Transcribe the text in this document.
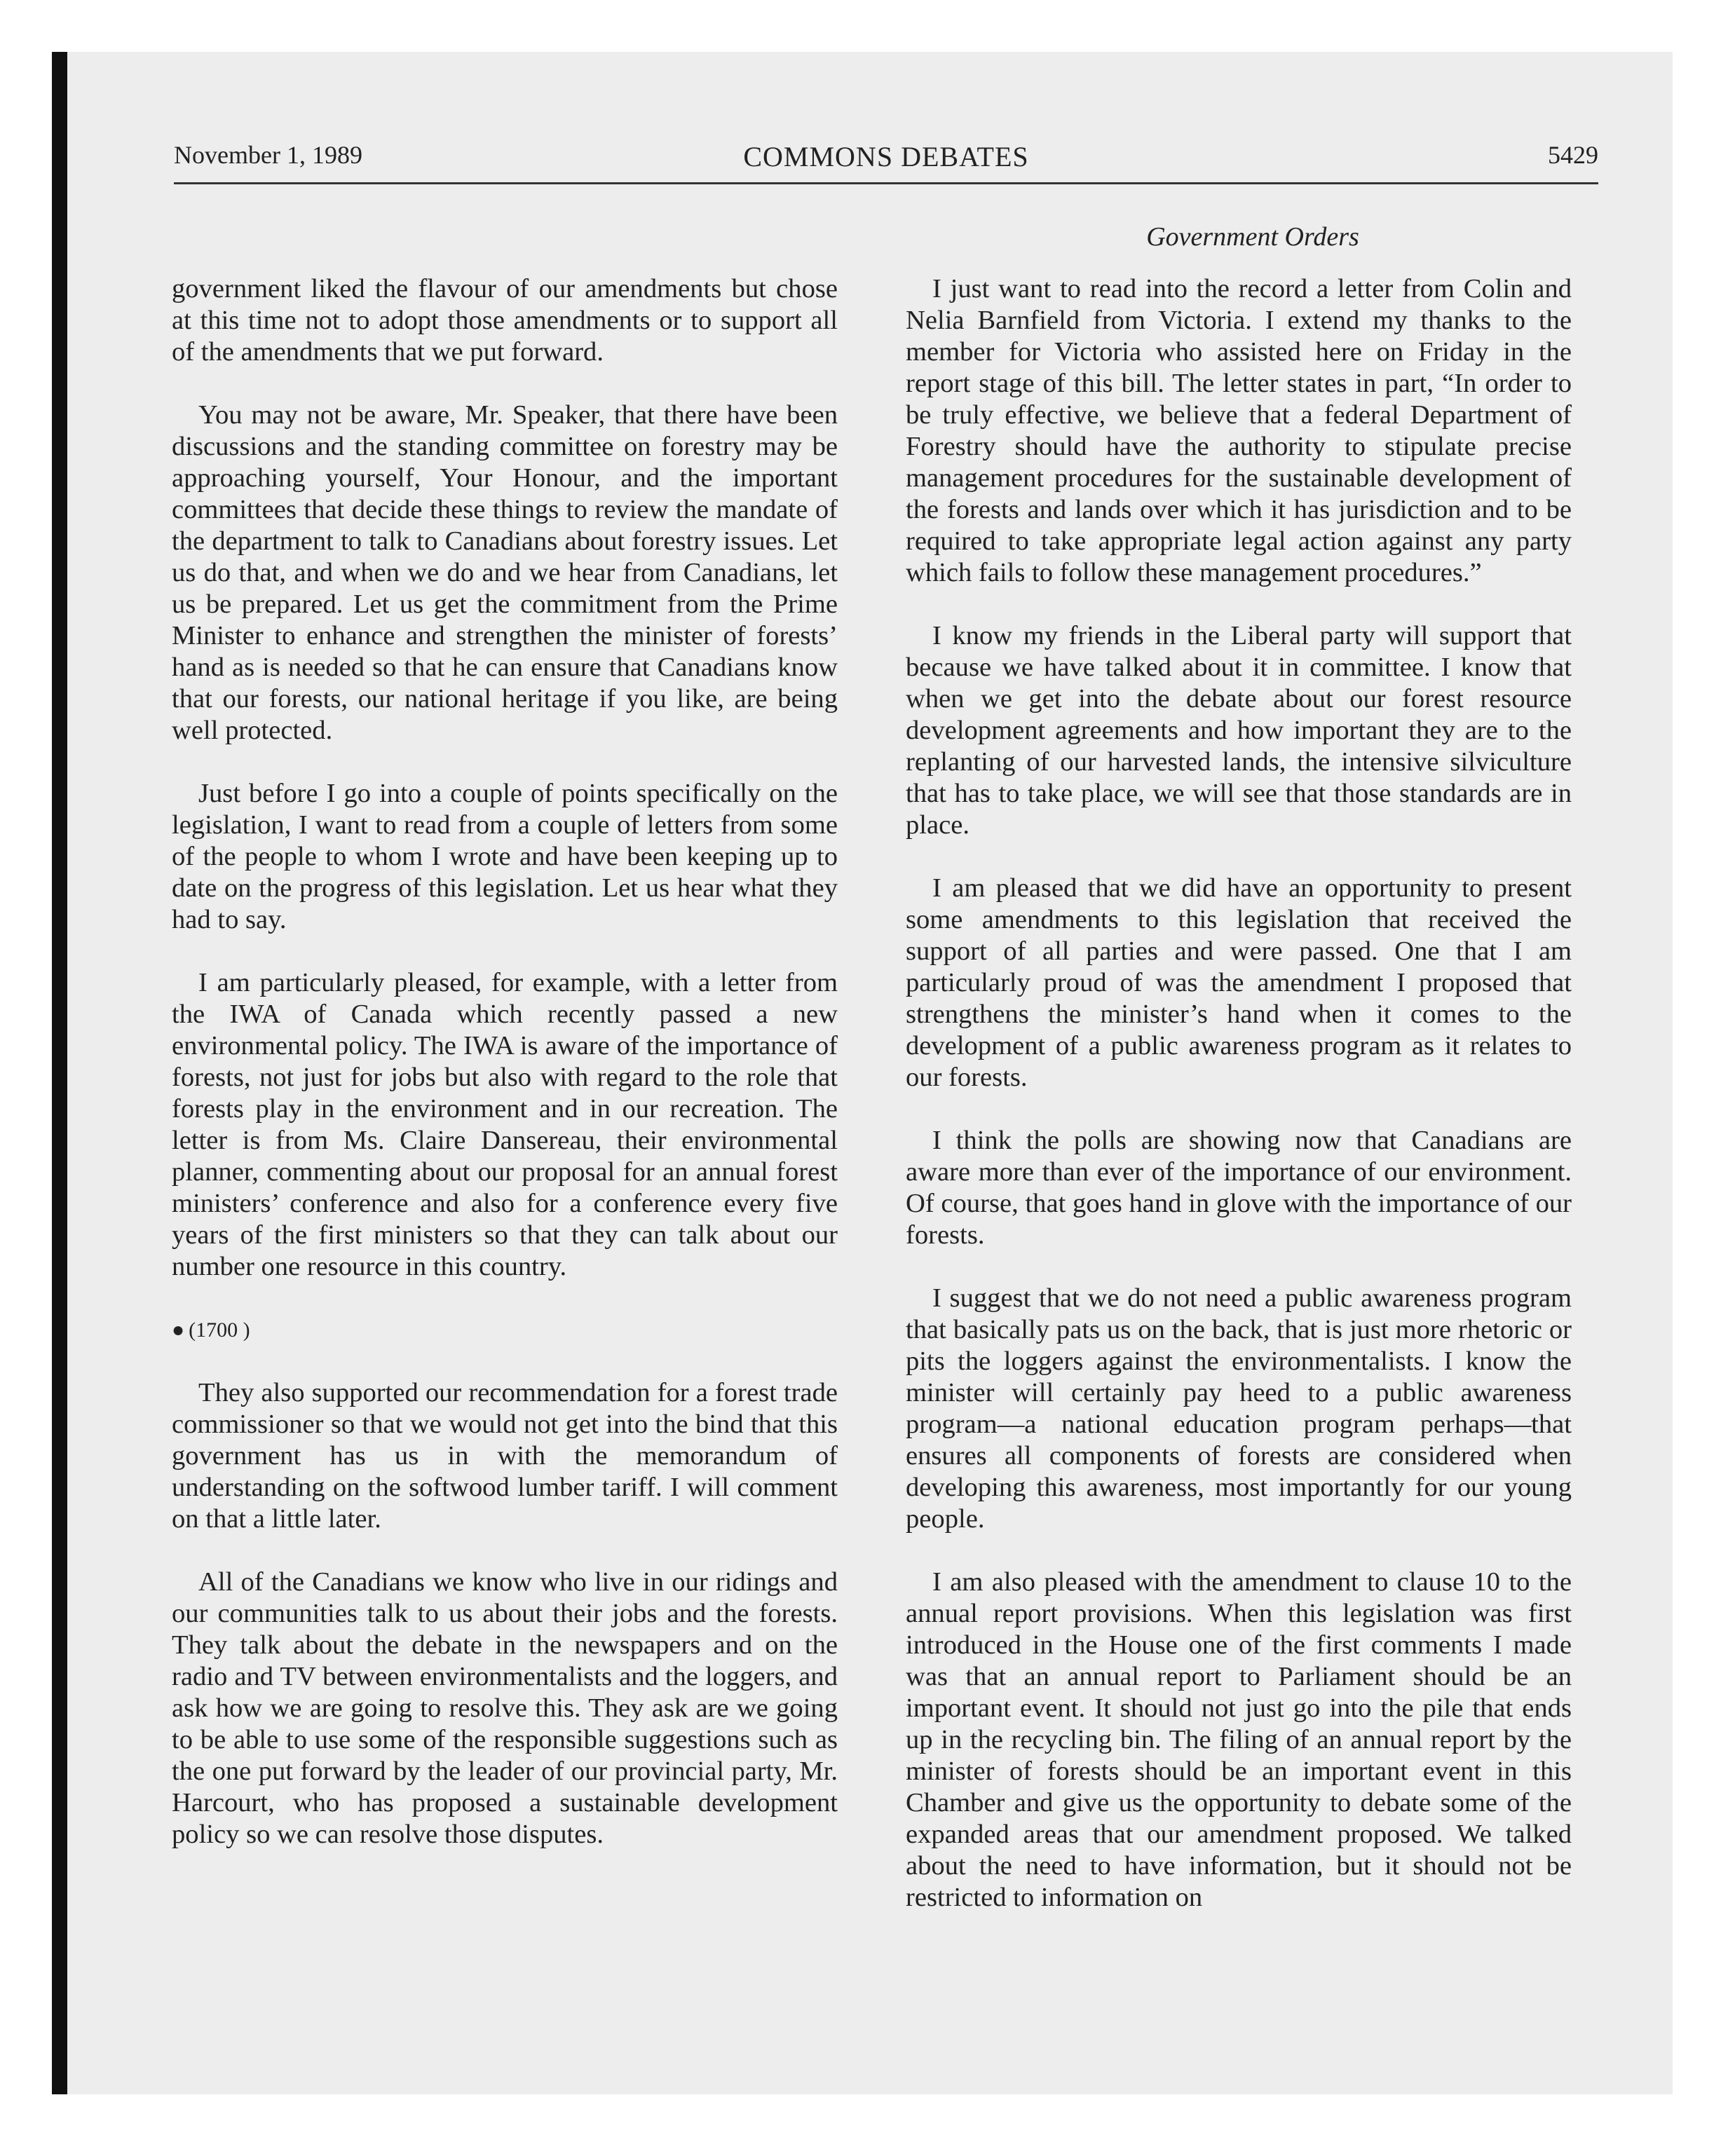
November 1, 1989	COMMONS DEBATES	5429
Government Orders

government liked the flavour of our amendments but chose at this time not to adopt those amendments or to support all of the amendments that we put forward.

You may not be aware, Mr. Speaker, that there have been discussions and the standing committee on forestry may be approaching yourself, Your Honour, and the important committees that decide these things to review the mandate of the department to talk to Canadians about forestry issues. Let us do that, and when we do and we hear from Canadians, let us be prepared. Let us get the commitment from the Prime Minister to enhance and strengthen the minister of forests’ hand as is needed so that he can ensure that Canadians know that our forests, our national heritage if you like, are being well protected.

Just before I go into a couple of points specifically on the legislation, I want to read from a couple of letters from some of the people to whom I wrote and have been keeping up to date on the progress of this legislation. Let us hear what they had to say.

I am particularly pleased, for example, with a letter from the IWA of Canada which recently passed a new environmental policy. The IWA is aware of the importance of forests, not just for jobs but also with regard to the role that forests play in the environment and in our recreation. The letter is from Ms. Claire Dansereau, their environmental planner, commenting about our proposal for an annual forest ministers’ conference and also for a conference every five years of the first ministers so that they can talk about our number one resource in this country.

● (1700 )

They also supported our recommendation for a forest trade commissioner so that we would not get into the bind that this government has us in with the memorandum of understanding on the softwood lumber tariff. I will comment on that a little later.

All of the Canadians we know who live in our ridings and our communities talk to us about their jobs and the forests. They talk about the debate in the newspapers and on the radio and TV between environmentalists and the loggers, and ask how we are going to resolve this. They ask are we going to be able to use some of the responsible suggestions such as the one put forward by the leader of our provincial party, Mr. Harcourt, who has proposed a sustainable development policy so we can resolve those disputes.

I just want to read into the record a letter from Colin and Nelia Barnfield from Victoria. I extend my thanks to the member for Victoria who assisted here on Friday in the report stage of this bill. The letter states in part, “In order to be truly effective, we believe that a federal Department of Forestry should have the authority to stipulate precise management procedures for the sustainable development of the forests and lands over which it has jurisdiction and to be required to take appropriate legal action against any party which fails to follow these management procedures.”

I know my friends in the Liberal party will support that because we have talked about it in committee. I know that when we get into the debate about our forest resource development agreements and how important they are to the replanting of our harvested lands, the intensive silviculture that has to take place, we will see that those standards are in place.

I am pleased that we did have an opportunity to present some amendments to this legislation that received the support of all parties and were passed. One that I am particularly proud of was the amendment I proposed that strengthens the minister’s hand when it comes to the development of a public awareness program as it relates to our forests.

I think the polls are showing now that Canadians are aware more than ever of the importance of our environment. Of course, that goes hand in glove with the importance of our forests.

I suggest that we do not need a public awareness program that basically pats us on the back, that is just more rhetoric or pits the loggers against the environmentalists. I know the minister will certainly pay heed to a public awareness program—a national education program perhaps—that ensures all components of forests are considered when developing this awareness, most importantly for our young people.

I am also pleased with the amendment to clause 10 to the annual report provisions. When this legislation was first introduced in the House one of the first comments I made was that an annual report to Parliament should be an important event. It should not just go into the pile that ends up in the recycling bin. The filing of an annual report by the minister of forests should be an important event in this Chamber and give us the opportunity to debate some of the expanded areas that our amendment proposed. We talked about the need to have information, but it should not be restricted to information on
